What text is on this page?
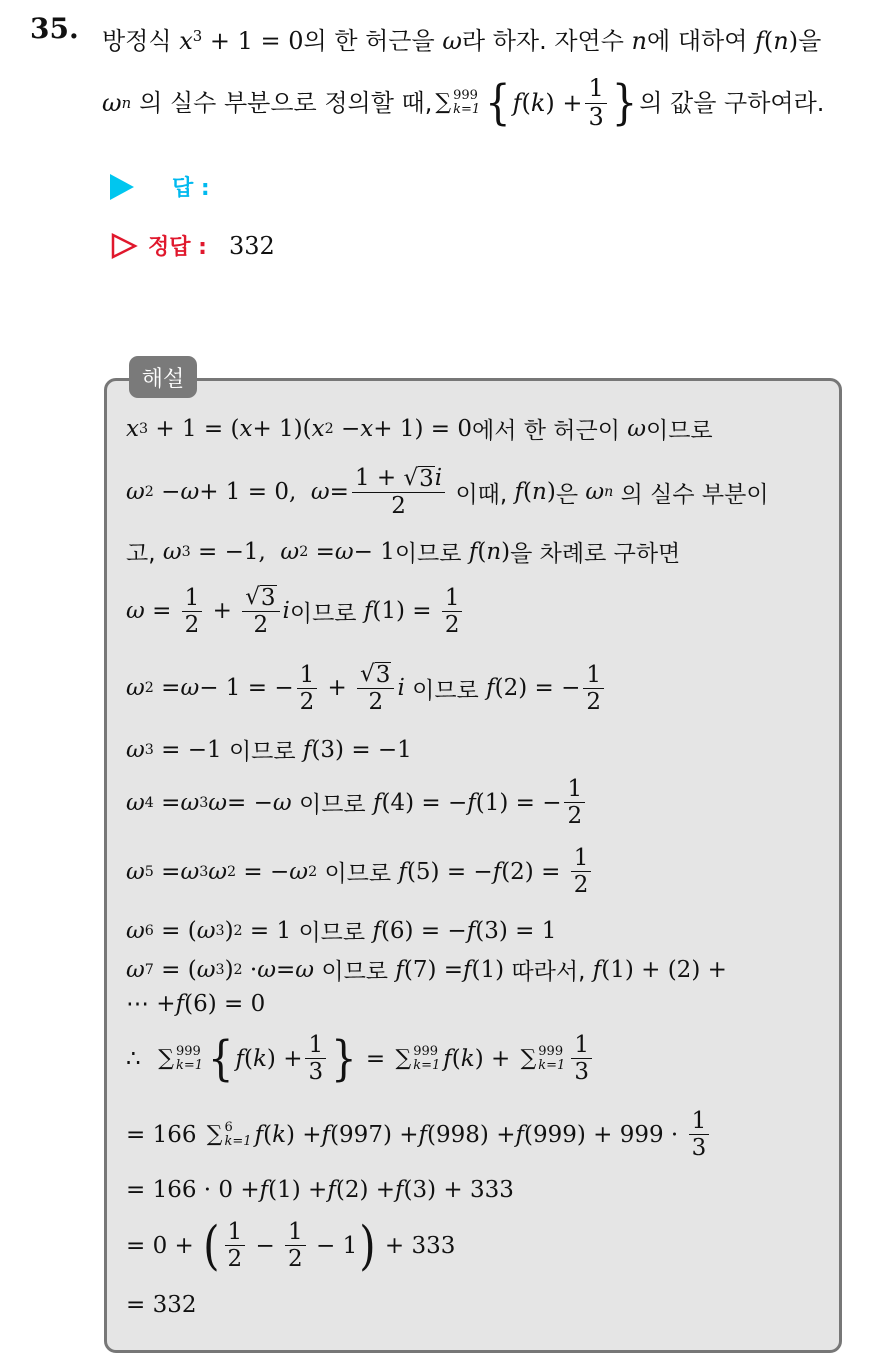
35. 방정식 $x^3 + 1 = 0$의 한 허근을 ω라 하자. 자연수 n에 대하여 f(n)을
ω n 의 실수 부분으로 정의할 때, ∑ 999
k=1 { f ( k ) + $\frac{1}{3}$ } 의 값을 구하여라.
답 :
정답 : 332
해설
x 3 + 1 = ( x + 1)( x 2 − x + 1) = 0 에서 한 허근이
ω 이므로
ω 2 − ω + 1 = 0, $\omega = \frac{1 + √ 3 i}{2}$
이때,
f ( n ) 은
ω n
의 실수 부분이
고,
ω 3 = −1, ω 2 = ω − 1 이므로
f ( n ) 을 차례로 구하면
$\omega = \frac{1}{2} + \frac{√ 3}{2}$ i 이므로
f $(1) = \frac{1}{2}$
ω 2 = ω − 1 = − $\frac{1}{2} + \frac{√ 3}{2}$ i
이므로
f (2) = − $\frac{1}{2}$
ω 3 = −1 이므로
f (3) = −1
ω 4 = ω 3 ω = − ω
이므로
f (4) = − f (1) = − $\frac{1}{2}$
ω 5 = ω 3 ω 2 = − ω 2
이므로
f (5) = − f $(2) = \frac{1}{2}$
ω 6 = ( ω 3 ) 2 = 1 이므로
f (6) = − f (3) = 1
ω 7 = ( ω 3 ) 2 · ω = ω
이므로
f (7) = f (1) 따라서,
f (1) + (2) +
⋯ + f (6) = 0
∴ ∑ 999
k=1 { f ( k ) + $\frac{1}{3}$ } = ∑ 999
k=1 f ( k ) + ∑ 999
$k=1 \frac{1}{3}$
= 166 ∑ 6
k=1 f ( k ) + f (997) + f (998) + f $(999) + 999 \cdot \frac{1}{3}$
= 166 · 0 + f (1) + f (2) + f (3) + 333
= 0 + ( $\frac{1}{2} - \frac{1}{2} - 1$ ) + 333
= 332
